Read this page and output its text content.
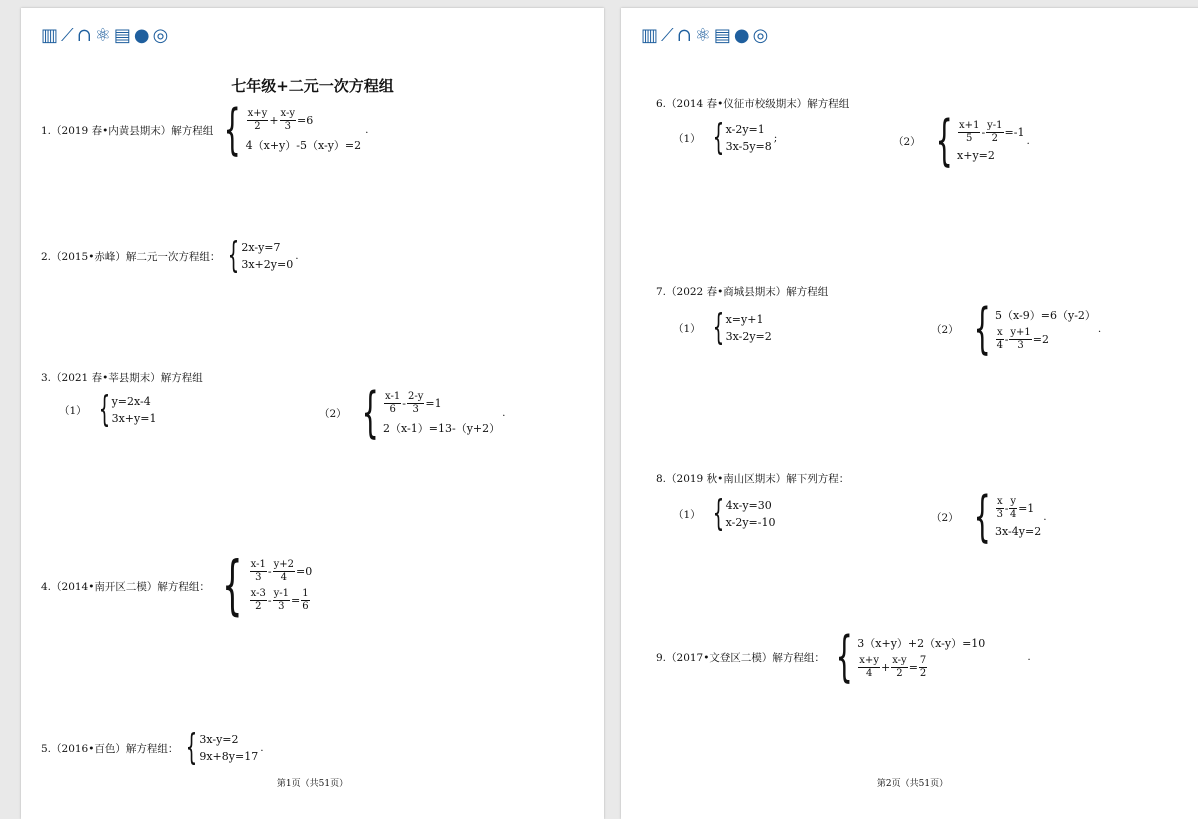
▥ ⟋ ∩ ⚛ ▤ ● ◎
七年级+二元一次方程组
1.（2019 春•内黄县期末）解方程组 { $\frac{x+y}{2} + \frac{x-y}{3} =6$
4（x+y）-5（x-y）=2
.
2.（2015•赤峰）解二元一次方程组： { 2x-y=7
3x+2y=0
.
3.（2021 春•莘县期末）解方程组
（1） { y=2x-4
3x+y=1	（2） { $\frac{x-1}{6} - \frac{2-y}{3} =1$
2（x-1）=13-（y+2）
.
4.（2014•南开区二模）解方程组： { $\frac{x-1}{3} - \frac{y+2}{4} =0$
$\frac{x-3}{2} - \frac{y-1}{3} = \frac{1}{6}$
5.（2016•百色）解方程组： { 3x-y=2
9x+8y=17
.
第1页（共51页）
▥ ⟋ ∩ ⚛ ▤ ● ◎
6.（2014 春•仪征市校级期末）解方程组
（1） { x-2y=1
3x-5y=8
;	（2） { $\frac{x+1}{5} - \frac{y-1}{2} =-1$
x+y=2
.
7.（2022 春•商城县期末）解方程组
（1） { x=y+1
3x-2y=2
（2） { 5（x-9）=6（y-2）
$\frac{x}{4} - \frac{y+1}{3} =2$
.
8.（2019 秋•南山区期末）解下列方程：
（1） { 4x-y=30
x-2y=-10	（2） { $\frac{x}{3} - \frac{y}{4} =1$
3x-4y=2
.
9.（2017•文登区二模）解方程组： { 3（x+y）+2（x-y）=10
$\frac{x+y}{4} + \frac{x-y}{2} = \frac{7}{2}$	.
第2页（共51页）
